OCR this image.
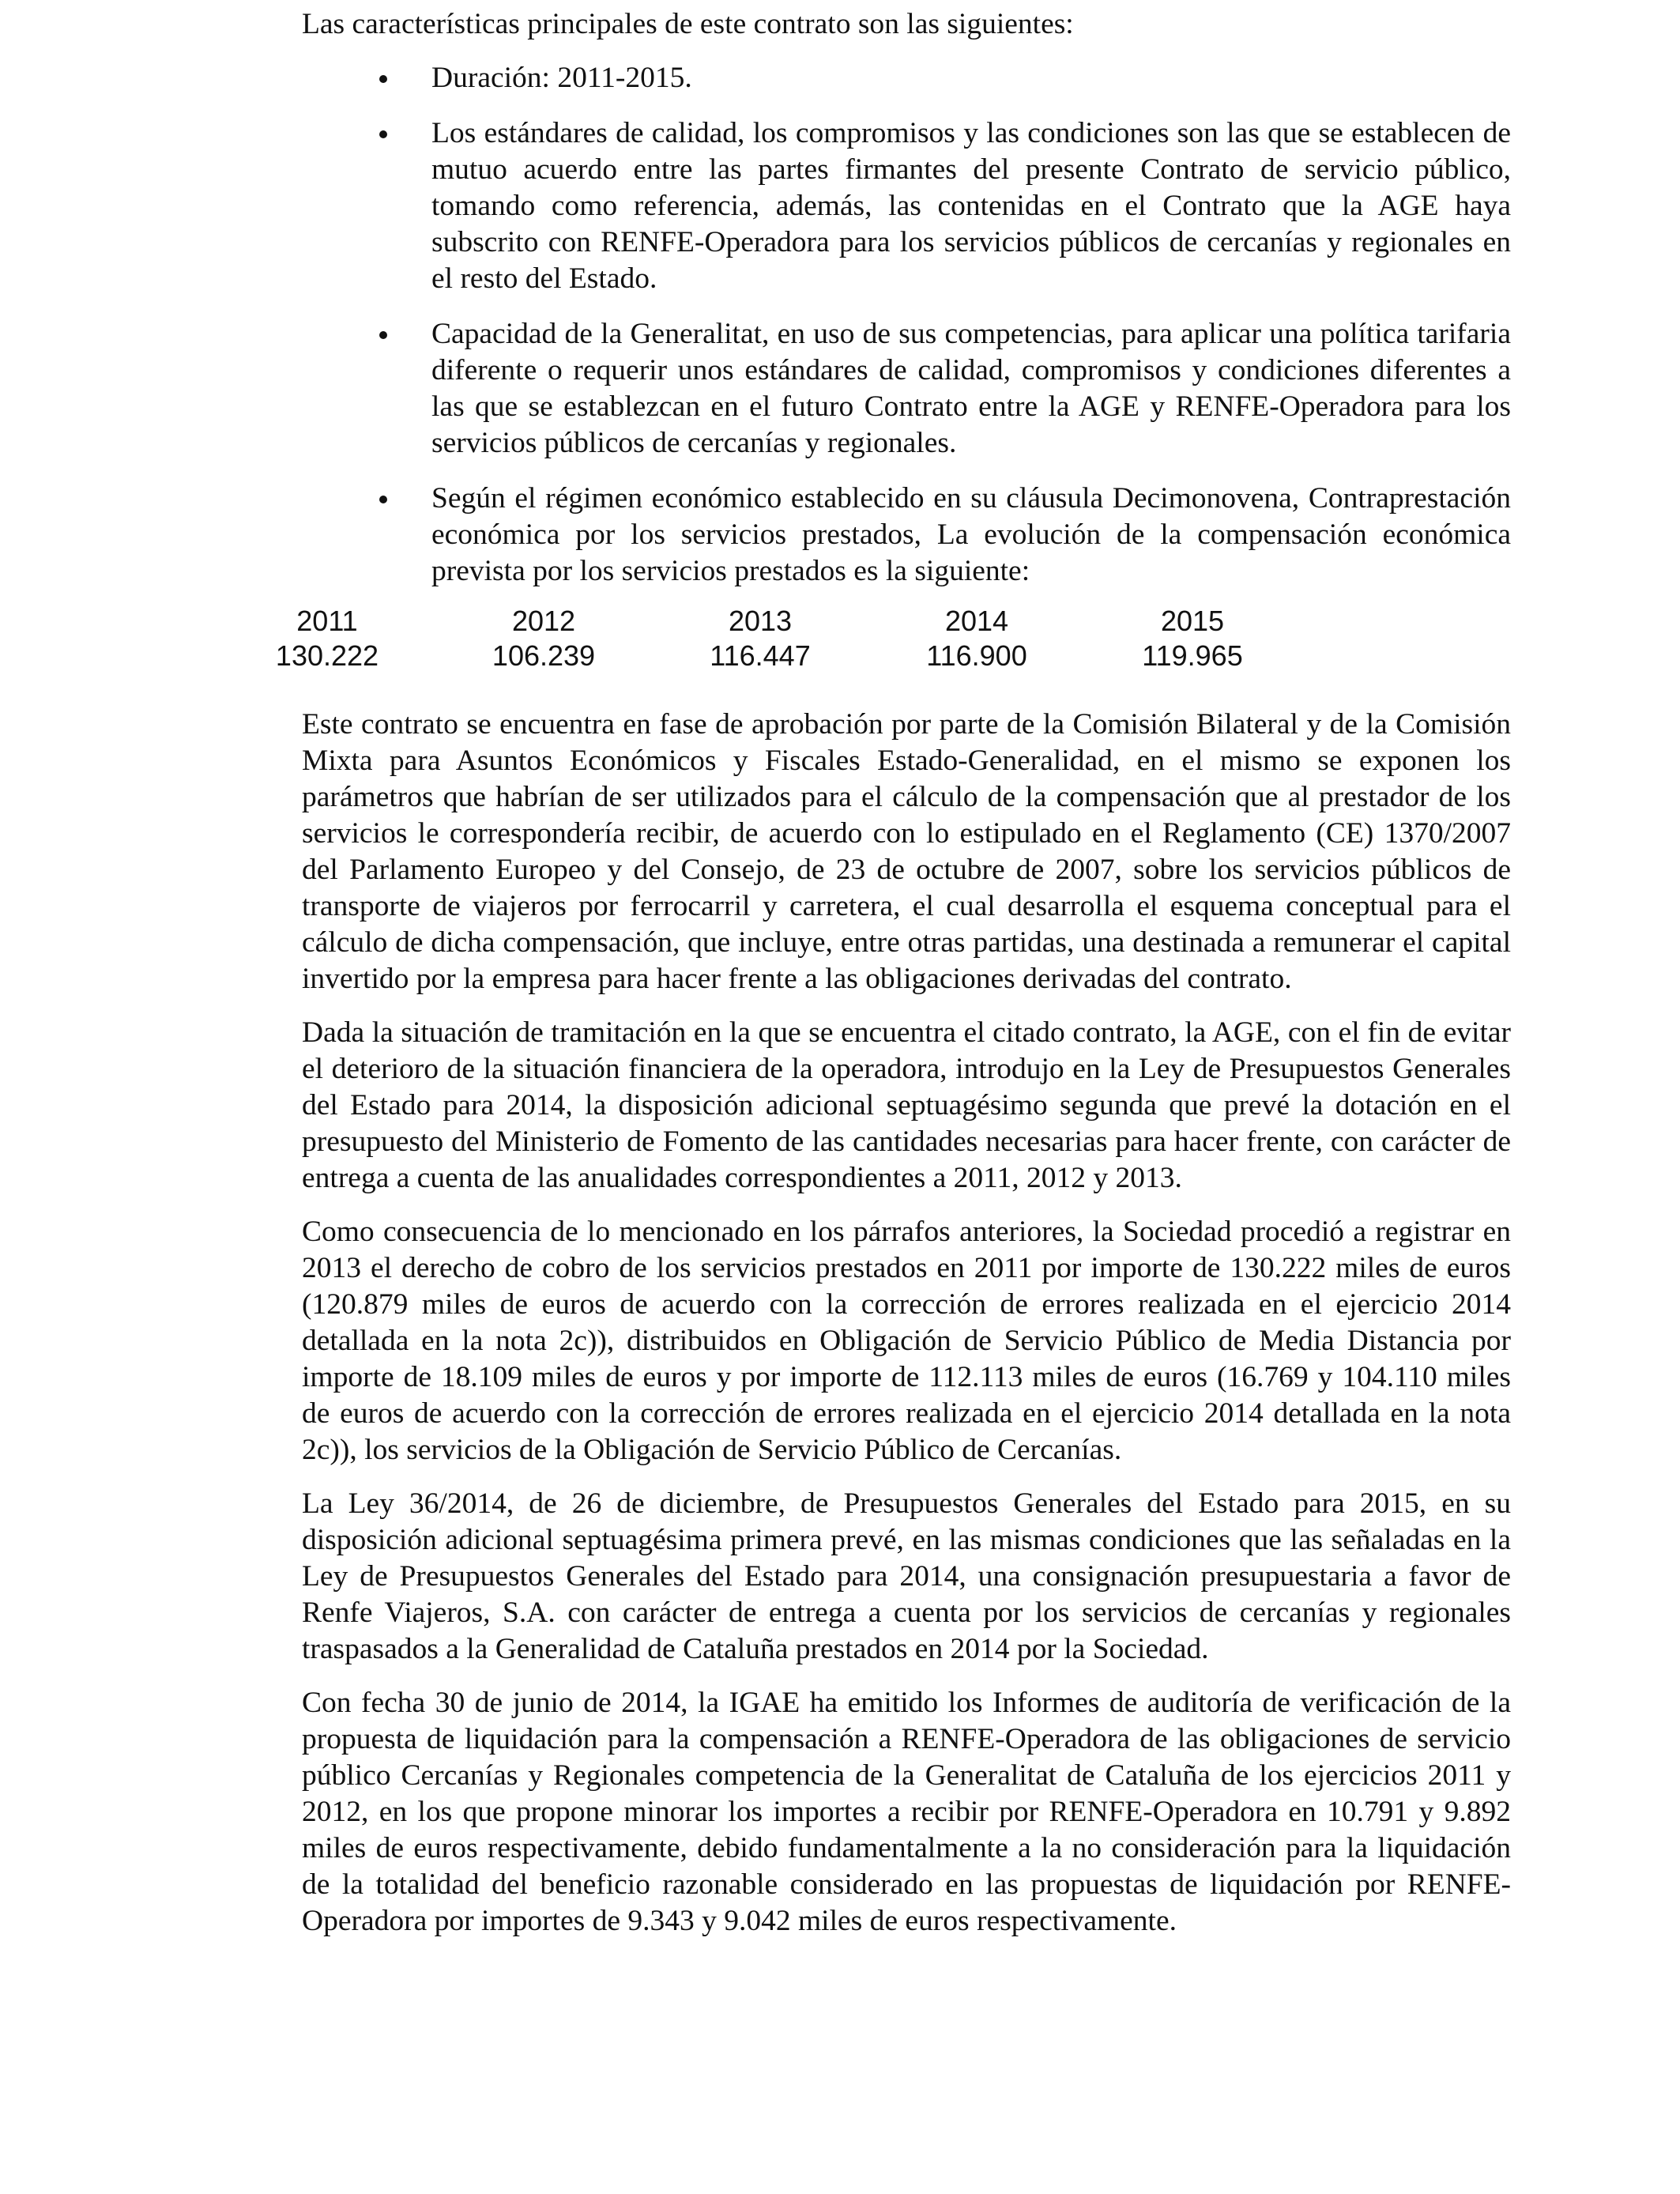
Las características principales de este contrato son las siguientes:

Duración: 2011-2015.
Los estándares de calidad, los compromisos y las condiciones son las que se establecen de mutuo acuerdo entre las partes firmantes del presente Contrato de servicio público, tomando como referencia, además, las contenidas en el Contrato que la AGE haya subscrito con RENFE-Operadora para los servicios públicos de cercanías y regionales en el resto del Estado.
Capacidad de la Generalitat, en uso de sus competencias, para aplicar una política tarifaria diferente o requerir unos estándares de calidad, compromisos y condiciones diferentes a las que se establezcan en el futuro Contrato entre la AGE y RENFE-Operadora para los servicios públicos de cercanías y regionales.
Según el régimen económico establecido en su cláusula Decimonovena, Contraprestación económica por los servicios prestados, La evolución de la compensación económica prevista por los servicios prestados es la siguiente:
2011
130.222
2012
106.239
2013
116.447
2014
116.900
2015
119.965

Este contrato se encuentra en fase de aprobación por parte de la Comisión Bilateral y de la Comisión Mixta para Asuntos Económicos y Fiscales Estado-Generalidad, en el mismo se exponen los parámetros que habrían de ser utilizados para el cálculo de la compensación que al prestador de los servicios le correspondería recibir, de acuerdo con lo estipulado en el Reglamento (CE) 1370/2007 del Parlamento Europeo y del Consejo, de 23 de octubre de 2007, sobre los servicios públicos de transporte de viajeros por ferrocarril y carretera, el cual desarrolla el esquema conceptual para el cálculo de dicha compensación, que incluye, entre otras partidas, una destinada a remunerar el capital invertido por la empresa para hacer frente a las obligaciones derivadas del contrato.

Dada la situación de tramitación en la que se encuentra el citado contrato, la AGE, con el fin de evitar el deterioro de la situación financiera de la operadora, introdujo en la Ley de Presupuestos Generales del Estado para 2014, la disposición adicional septuagésimo segunda que prevé la dotación en el presupuesto del Ministerio de Fomento de las cantidades necesarias para hacer frente, con carácter de entrega a cuenta de las anualidades correspondientes a 2011, 2012 y 2013.

Como consecuencia de lo mencionado en los párrafos anteriores, la Sociedad procedió a registrar en 2013 el derecho de cobro de los servicios prestados en 2011 por importe de 130.222 miles de euros (120.879 miles de euros de acuerdo con la corrección de errores realizada en el ejercicio 2014 detallada en la nota 2c)), distribuidos en Obligación de Servicio Público de Media Distancia por importe de 18.109 miles de euros y por importe de 112.113 miles de euros (16.769 y 104.110 miles de euros de acuerdo con la corrección de errores realizada en el ejercicio 2014 detallada en la nota 2c)), los servicios de la Obligación de Servicio Público de Cercanías.

La Ley 36/2014, de 26 de diciembre, de Presupuestos Generales del Estado para 2015, en su disposición adicional septuagésima primera prevé, en las mismas condiciones que las señaladas en la Ley de Presupuestos Generales del Estado para 2014, una consignación presupuestaria a favor de Renfe Viajeros, S.A. con carácter de entrega a cuenta por los servicios de cercanías y regionales traspasados a la Generalidad de Cataluña prestados en 2014 por la Sociedad.

Con fecha 30 de junio de 2014, la IGAE ha emitido los Informes de auditoría de verificación de la propuesta de liquidación para la compensación a RENFE-Operadora de las obligaciones de servicio público Cercanías y Regionales competencia de la Generalitat de Cataluña de los ejercicios 2011 y 2012, en los que propone minorar los importes a recibir por RENFE-Operadora en 10.791 y 9.892 miles de euros respectivamente, debido fundamentalmente a la no consideración para la liquidación de la totalidad del beneficio razonable considerado en las propuestas de liquidación por RENFE-Operadora por importes de 9.343 y 9.042 miles de euros respectivamente.
